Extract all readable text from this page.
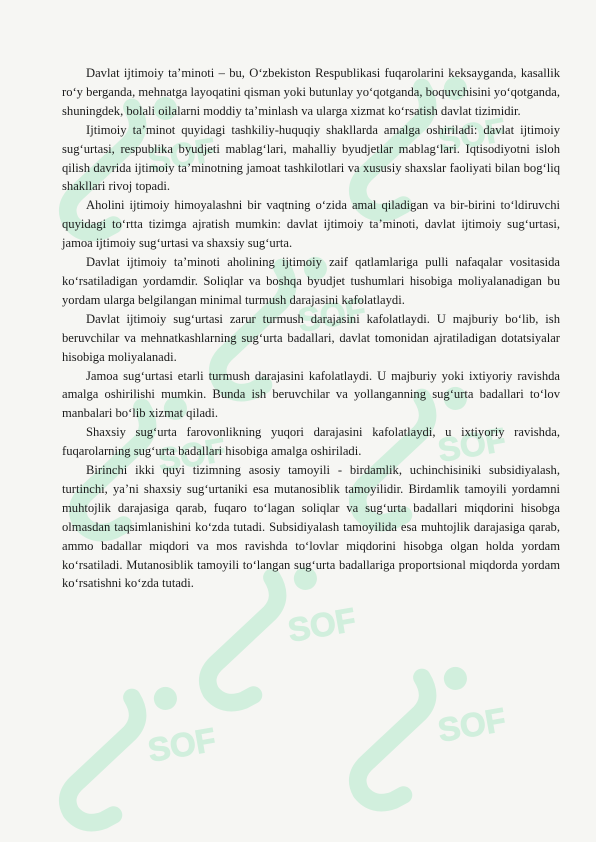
Davlat ijtimoiy ta’minoti – bu, O‘zbekiston Respublikasi fuqarolarini keksayganda, kasallik ro‘y berganda, mehnatga layoqatini qisman yoki butunlay yo‘qotganda, boquvchisini yo‘qotganda, shuningdek, bolali oilalarni moddiy ta’minlash va ularga xizmat ko‘rsatish davlat tizimidir.

Ijtimoiy ta’minot quyidagi tashkiliy-huquqiy shakllarda amalga oshiriladi: davlat ijtimoiy sug‘urtasi, respublika byudjeti mablag‘lari, mahalliy byudjetlar mablag‘lari. Iqtisodiyotni isloh qilish davrida ijtimoiy ta’minotning jamoat tashkilotlari va xususiy shaxslar faoliyati bilan bog‘liq shakllari rivoj topadi.

Aholini ijtimoiy himoyalashni bir vaqtning o‘zida amal qiladigan va bir-birini to‘ldiruvchi quyidagi to‘rtta tizimga ajratish mumkin: davlat ijtimoiy ta’minoti, davlat ijtimoiy sug‘urtasi, jamoa ijtimoiy sug‘urtasi va shaxsiy sug‘urta.

Davlat ijtimoiy ta’minoti aholining ijtimoiy zaif qatlamlariga pulli nafaqalar vositasida ko‘rsatiladigan yordamdir. Soliqlar va boshqa byudjet tushumlari hisobiga moliyalanadigan bu yordam ularga belgilangan minimal turmush darajasini kafolatlaydi.

Davlat ijtimoiy sug‘urtasi zarur turmush darajasini kafolatlaydi. U majburiy bo‘lib, ish beruvchilar va mehnatkashlarning sug‘urta badallari, davlat tomonidan ajratiladigan dotatsiyalar hisobiga moliyalanadi.

Jamoa sug‘urtasi etarli turmush darajasini kafolatlaydi. U majburiy yoki ixtiyoriy ravishda amalga oshirilishi mumkin. Bunda ish beruvchilar va yollanganning sug‘urta badallari to‘lov manbalari bo‘lib xizmat qiladi.

Shaxsiy sug‘urta farovonlikning yuqori darajasini kafolatlaydi, u ixtiyoriy ravishda, fuqarolarning sug‘urta badallari hisobiga amalga oshiriladi.

Birinchi ikki quyi tizimning asosiy tamoyili - birdamlik, uchinchisiniki subsidiyalash, turtinchi, ya’ni shaxsiy sug‘urtaniki esa mutanosiblik tamoyilidir. Birdamlik tamoyili yordamni muhtojlik darajasiga qarab, fuqaro to‘lagan soliqlar va sug‘urta badallari miqdorini hisobga olmasdan taqsimlanishini ko‘zda tutadi. Subsidiyalash tamoyilida esa muhtojlik darajasiga qarab, ammo badallar miqdori va mos ravishda to‘lovlar miqdorini hisobga olgan holda yordam ko‘rsatiladi. Mutanosiblik tamoyili to‘langan sug‘urta badallariga proportsional miqdorda yordam ko‘rsatishni ko‘zda tutadi.
